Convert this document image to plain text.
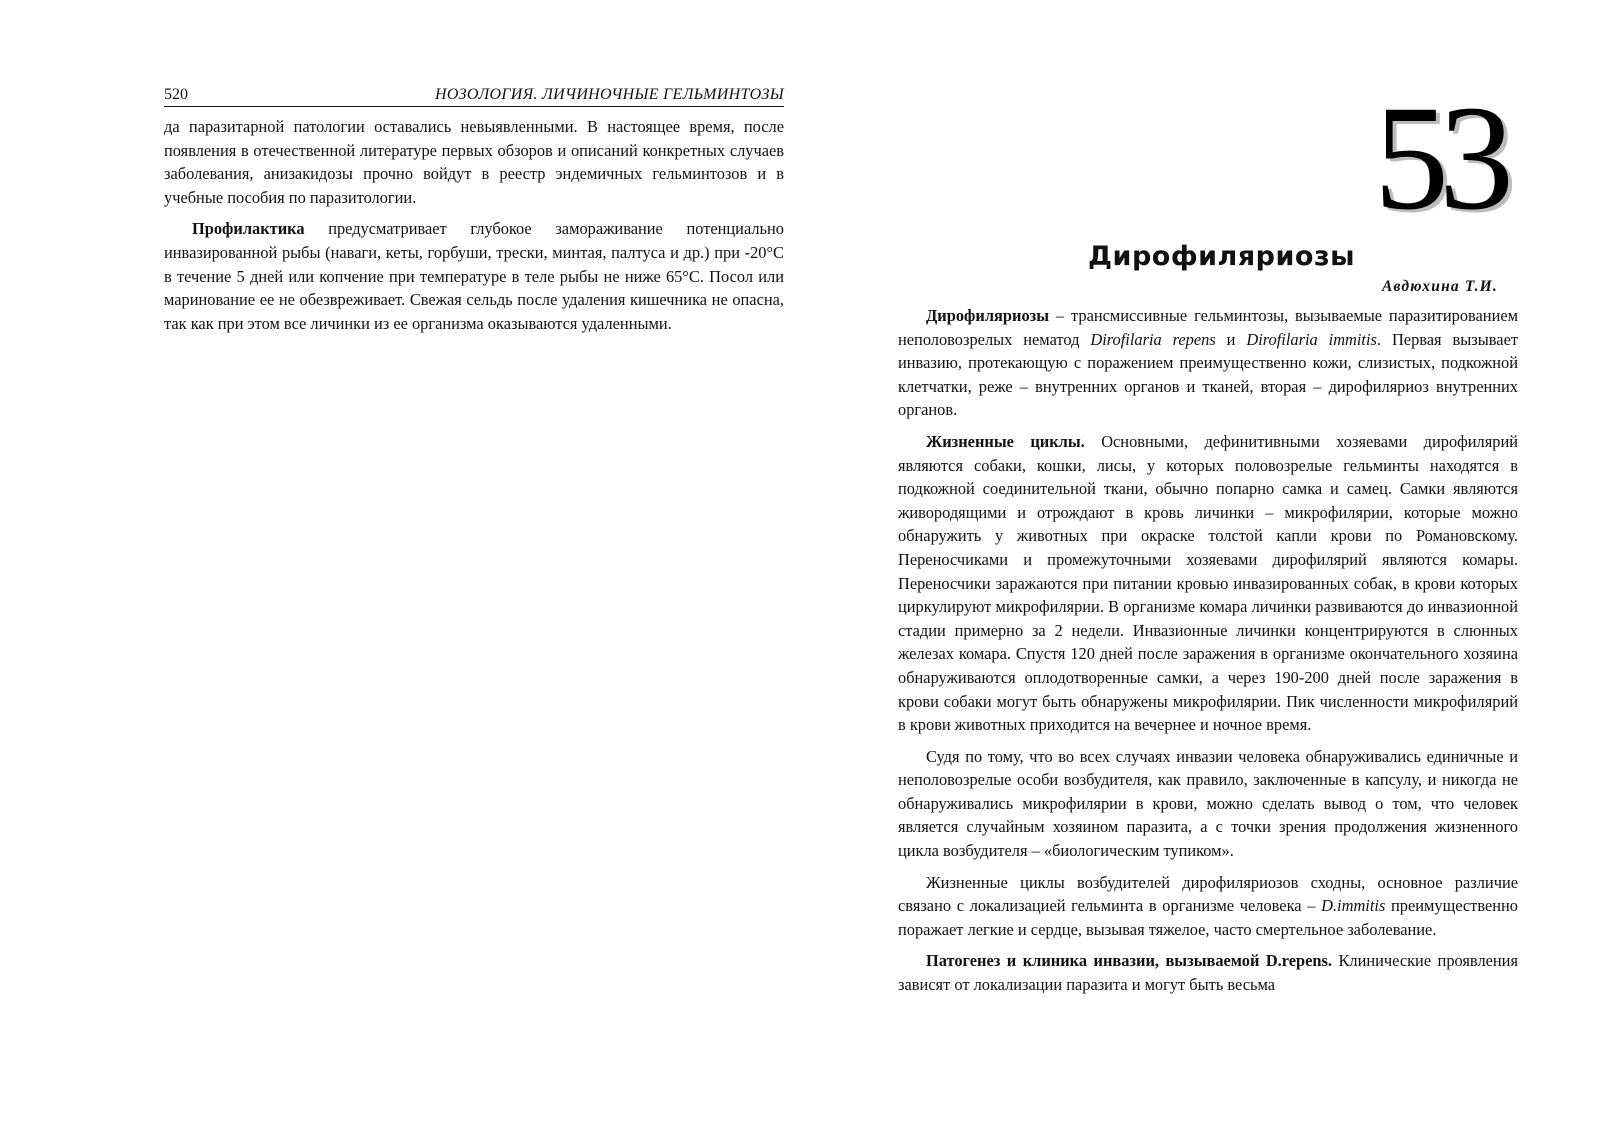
520	НОЗОЛОГИЯ. ЛИЧИНОЧНЫЕ ГЕЛЬМИНТОЗЫ

да паразитарной патологии оставались невыявленными. В настоящее время, после появления в отечественной литературе первых обзоров и описаний конкретных случаев заболевания, анизакидозы прочно войдут в реестр эндемичных гельминтозов и в учебные пособия по паразитологии.

Профилактика предусматривает глубокое замораживание потенциально инвазированной рыбы (наваги, кеты, горбуши, трески, минтая, палтуса и др.) при -20°С в течение 5 дней или копчение при температуре в теле рыбы не ниже 65°С. Посол или маринование ее не обезвреживает. Свежая сельдь после удаления кишечника не опасна, так как при этом все личинки из ее организма оказываются удаленными.

53
Дирофиляриозы
Авдюхина Т.И.

Дирофиляриозы – трансмиссивные гельминтозы, вызываемые паразитированием неполовозрелых нематод Dirofilaria repens и Dirofilaria immitis. Первая вызывает инвазию, протекающую с поражением преимущественно кожи, слизистых, подкожной клетчатки, реже – внутренних органов и тканей, вторая – дирофиляриоз внутренних органов.

Жизненные циклы. Основными, дефинитивными хозяевами дирофилярий являются собаки, кошки, лисы, у которых половозрелые гельминты находятся в подкожной соединительной ткани, обычно попарно самка и самец. Самки являются живородящими и отрождают в кровь личинки – микрофилярии, которые можно обнаружить у животных при окраске толстой капли крови по Романовскому. Переносчиками и промежуточными хозяевами дирофилярий являются комары. Переносчики заражаются при питании кровью инвазированных собак, в крови которых циркулируют микрофилярии. В организме комара личинки развиваются до инвазионной стадии примерно за 2 недели. Инвазионные личинки концентрируются в слюнных железах комара. Спустя 120 дней после заражения в организме окончательного хозяина обнаруживаются оплодотворенные самки, а через 190-200 дней после заражения в крови собаки могут быть обнаружены микрофилярии. Пик численности микрофилярий в крови животных приходится на вечернее и ночное время.

Судя по тому, что во всех случаях инвазии человека обнаруживались единичные и неполовозрелые особи возбудителя, как правило, заключенные в капсулу, и никогда не обнаруживались микрофилярии в крови, можно сделать вывод о том, что человек является случайным хозяином паразита, а с точки зрения продолжения жизненного цикла возбудителя – «биологическим тупиком».

Жизненные циклы возбудителей дирофиляриозов сходны, основное различие связано с локализацией гельминта в организме человека – D.immitis преимущественно поражает легкие и сердце, вызывая тяжелое, часто смертельное заболевание.

Патогенез и клиника инвазии, вызываемой D.repens. Клинические проявления зависят от локализации паразита и могут быть весьма
